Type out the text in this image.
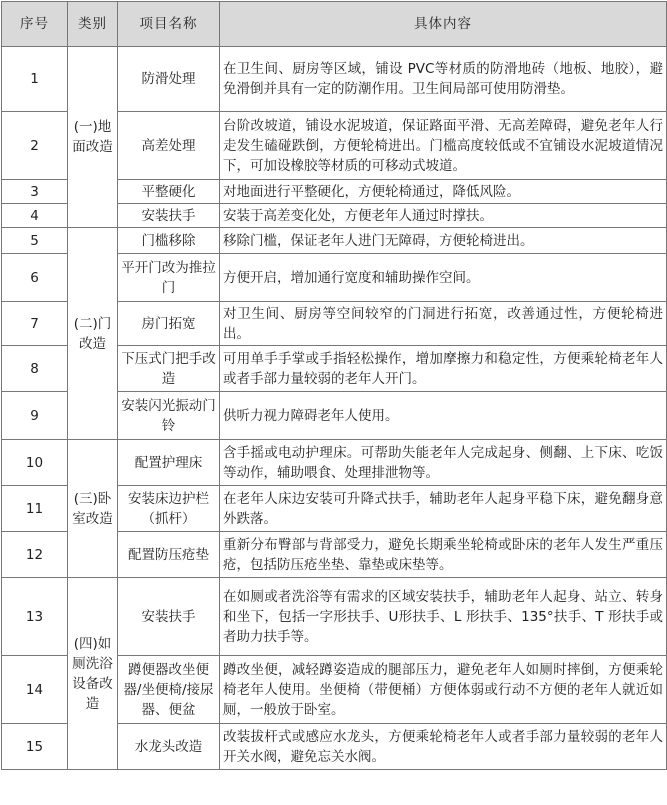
序号	类别	项目名称	具体内容
1	(一)地面改造	防滑处理	在卫生间、厨房等区域，铺设 PVC等材质的防滑地砖（地板、地胶），避免滑倒并具有一定的防潮作用。卫生间局部可使用防滑垫。
2		高差处理	台阶改坡道，铺设水泥坡道，保证路面平滑、无高差障碍，避免老年人行走发生磕碰跌倒，方便轮椅进出。门槛高度较低或不宜铺设水泥坡道情况下，可加设橡胶等材质的可移动式坡道。
3		平整硬化	对地面进行平整硬化，方便轮椅通过，降低风险。
4		安装扶手	安装于高差变化处，方便老年人通过时撑扶。
5	(二)门改造	门槛移除	移除门槛，保证老年人进门无障碍，方便轮椅进出。
6		平开门改为推拉门	方便开启，增加通行宽度和辅助操作空间。
7		房门拓宽	对卫生间、厨房等空间较窄的门洞进行拓宽，改善通过性，方便轮椅进出。
8		下压式门把手改造	可用单手手掌或手指轻松操作，增加摩擦力和稳定性，方便乘轮椅老年人或者手部力量较弱的老年人开门。
9		安装闪光振动门铃	供听力视力障碍老年人使用。
10	(三)卧室改造	配置护理床	含手摇或电动护理床。可帮助失能老年人完成起身、侧翻、上下床、吃饭等动作，辅助喂食、处理排泄物等。
11		安装床边护栏（抓杆）	在老年人床边安装可升降式扶手，辅助老年人起身平稳下床，避免翻身意外跌落。
12		配置防压疮垫	重新分布臀部与背部受力，避免长期乘坐轮椅或卧床的老年人发生严重压疮，包括防压疮坐垫、靠垫或床垫等。
13	(四)如厕洗浴设备改造	安装扶手	在如厕或者洗浴等有需求的区域安装扶手，辅助老年人起身、站立、转身和坐下，包括一字形扶手、U形扶手、L 形扶手、135°扶手、T 形扶手或者助力扶手等。
14		蹲便器改坐便器/坐便椅/接尿器、便盆	蹲改坐便，减轻蹲姿造成的腿部压力，避免老年人如厕时摔倒，方便乘轮椅老年人使用。坐便椅（带便桶）方便体弱或行动不方便的老年人就近如厕，一般放于卧室。
15		水龙头改造	改装拔杆式或感应水龙头，方便乘轮椅老年人或者手部力量较弱的老年人开关水阀，避免忘关水阀。
